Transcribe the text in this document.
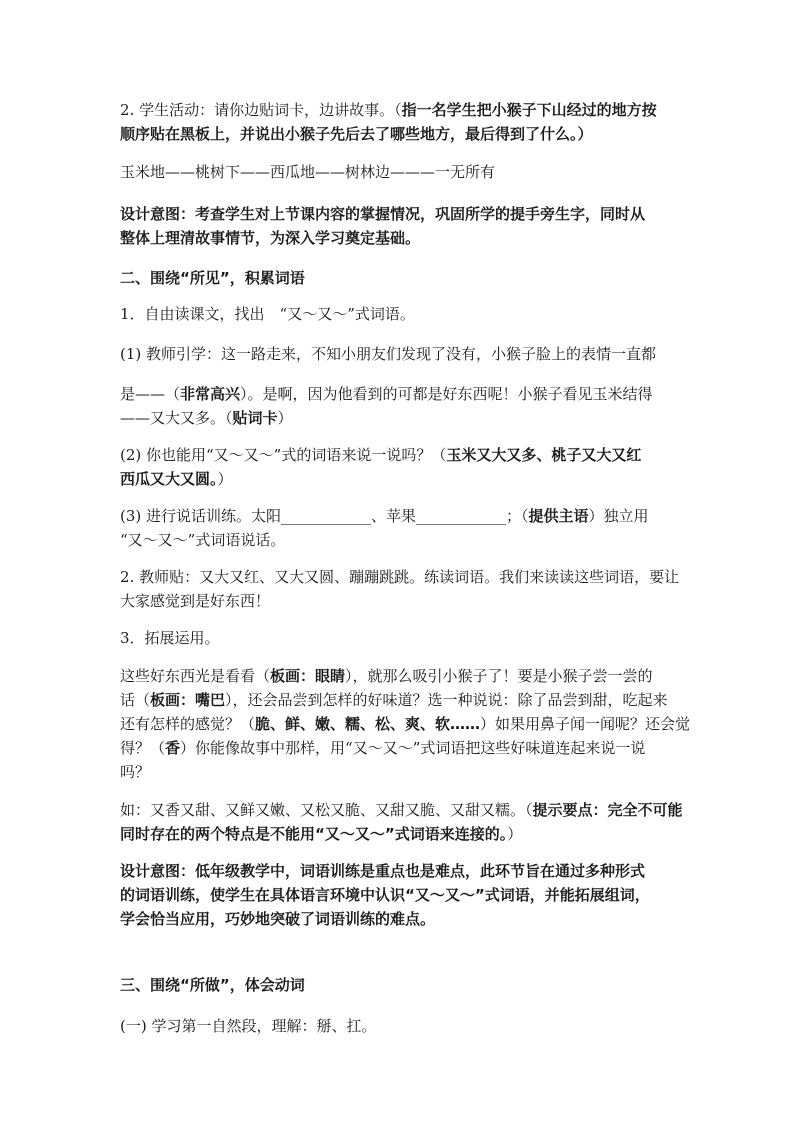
2. 学生活动：请你边贴词卡，边讲故事。（指一名学生把小猴子下山经过的地方按
顺序贴在黑板上，并说出小猴子先后去了哪些地方，最后得到了什么。）
玉米地——桃树下——西瓜地——树林边———一无所有
设计意图：考查学生对上节课内容的掌握情况，巩固所学的提手旁生字，同时从
整体上理清故事情节，为深入学习奠定基础。
二、围绕“所见”，积累词语
1．自由读课文，找出　“又～又～”式词语。
(1) 教师引学：这一路走来，不知小朋友们发现了没有，小猴子脸上的表情一直都
是——（非常高兴）。是啊，因为他看到的可都是好东西呢！小猴子看见玉米结得
——又大又多。（贴词卡）
(2) 你也能用“又～又～”式的词语来说一说吗？（玉米又大又多、桃子又大又红
西瓜又大又圆。）
(3) 进行说话训练。太阳____________、苹果____________；（提供主语）独立用
“又～又～”式词语说话。
2. 教师贴：又大又红、又大又圆、蹦蹦跳跳。练读词语。我们来读读这些词语，要让
大家感觉到是好东西！
3．拓展运用。
这些好东西光是看看（板画：眼睛），就那么吸引小猴子了！要是小猴子尝一尝的
话（板画：嘴巴），还会品尝到怎样的好味道？选一种说说：除了品尝到甜，吃起来
还有怎样的感觉？（脆、鲜、嫩、糯、松、爽、软……）如果用鼻子闻一闻呢？还会觉
得？（香）你能像故事中那样，用“又～又～”式词语把这些好味道连起来说一说
吗？
如：又香又甜、又鲜又嫩、又松又脆、又甜又脆、又甜又糯。（提示要点：完全不可能
同时存在的两个特点是不能用“又～又～”式词语来连接的。）
设计意图：低年级教学中，词语训练是重点也是难点，此环节旨在通过多种形式
的词语训练，使学生在具体语言环境中认识“又～又～”式词语，并能拓展组词，
学会恰当应用，巧妙地突破了词语训练的难点。
三、围绕“所做”，体会动词
(一) 学习第一自然段，理解：掰、扛。
